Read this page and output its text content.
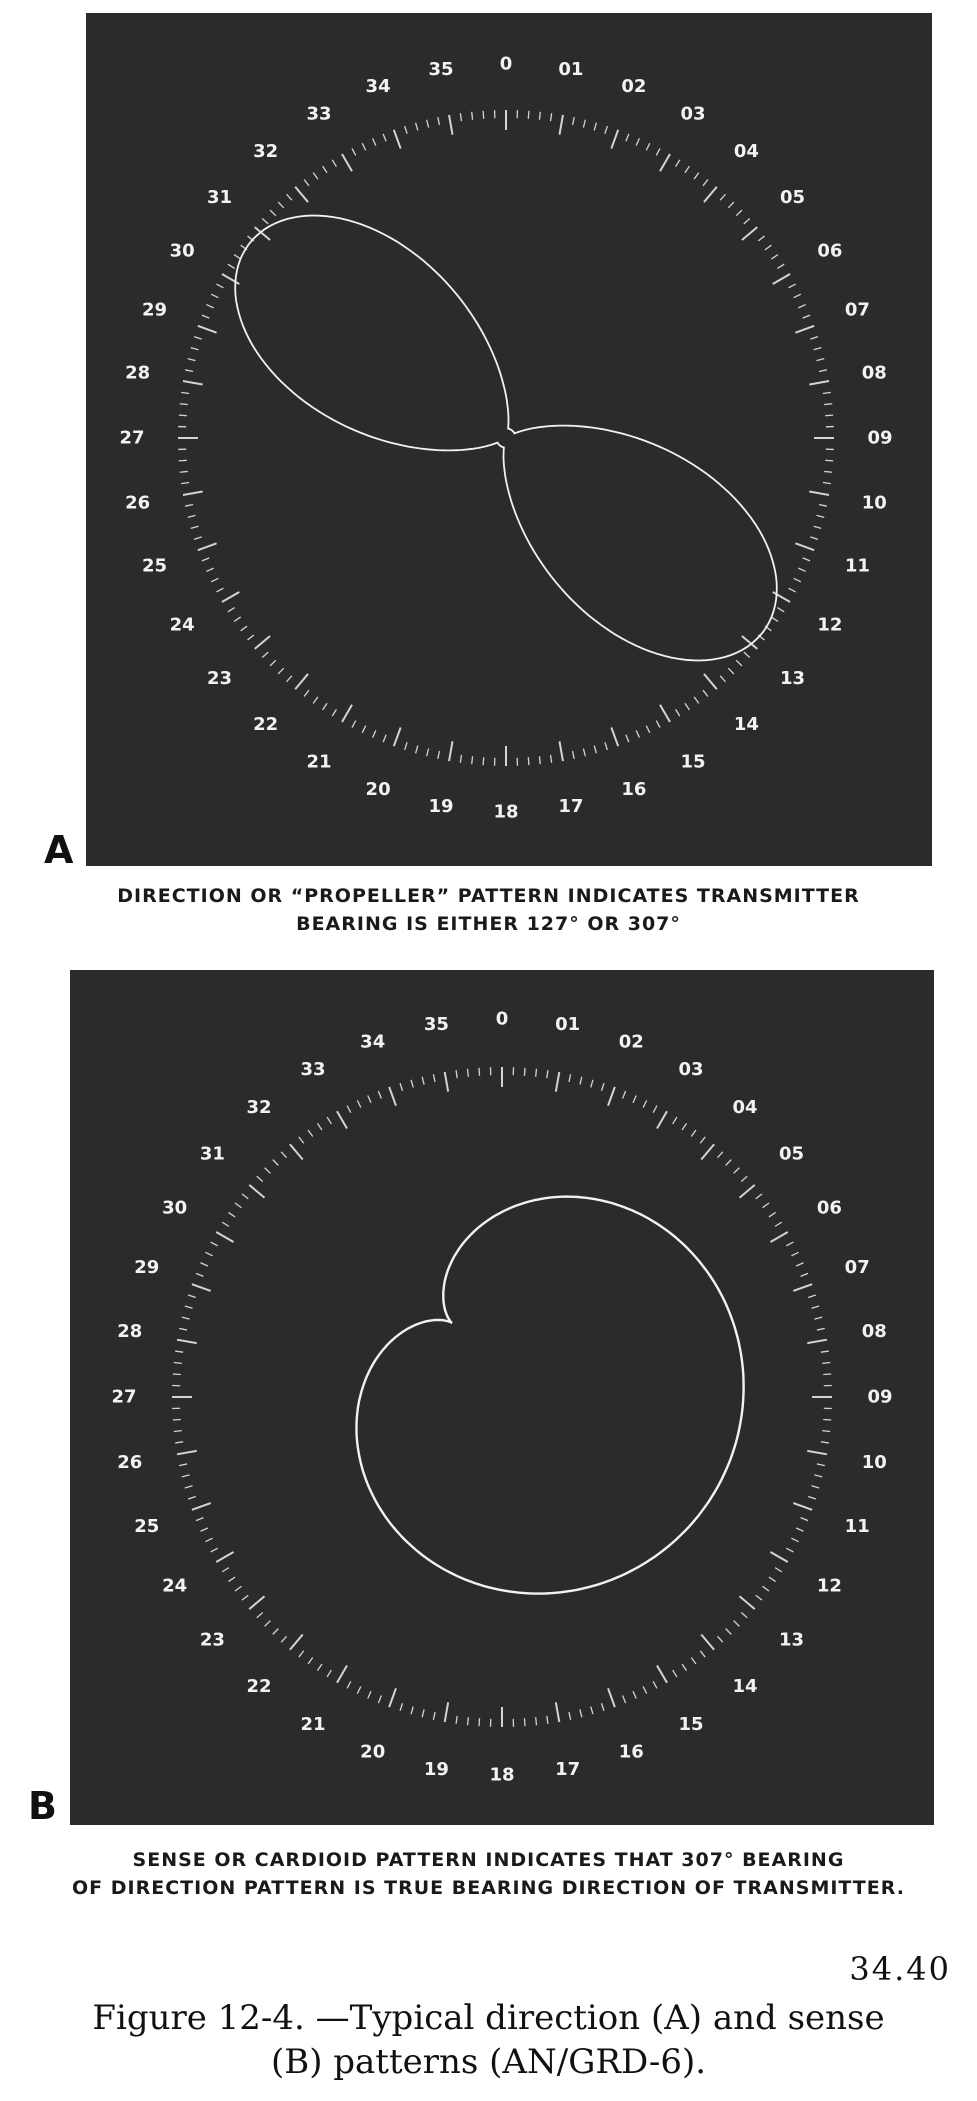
0	01
02
03
04
05
06
07
08
09
10
11
12
13
14
15
16
17
18
19
20
21
22
23
24
25
26
27
28
29
30
31
32
33
34
35
A
DIRECTION OR “PROPELLER” PATTERN INDICATES TRANSMITTER
BEARING IS EITHER 127° OR 307°
0	01
02
03
04
05
06
07
08
09
10
11
12
13
14
15
16
17
18
19
20
21
22
23
24
25
26
27
28
29
30
31
32
33
34
35
B
SENSE OR CARDIOID PATTERN INDICATES THAT 307° BEARING
OF DIRECTION PATTERN IS TRUE BEARING DIRECTION OF TRANSMITTER.
34.40
Figure 12-4. —Typical direction (A) and sense
(B) patterns (AN/GRD-6).
